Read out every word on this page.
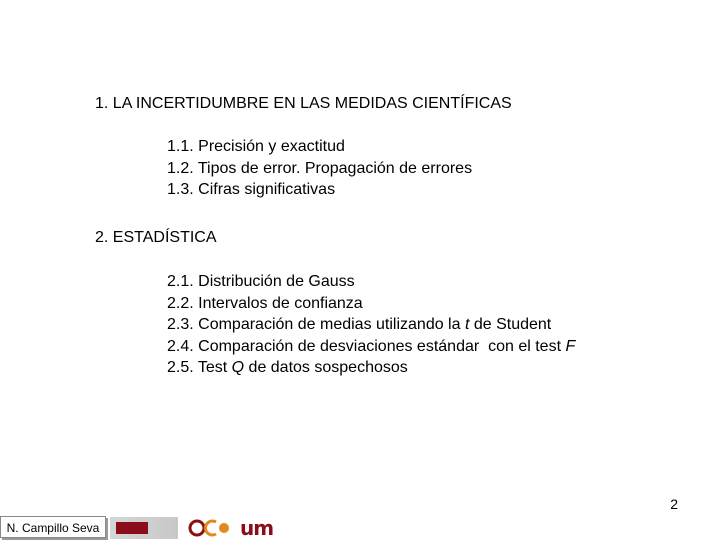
1. LA INCERTIDUMBRE EN LAS MEDIDAS CIENTÍFICAS
1.1. Precisión y exactitud
1.2. Tipos de error. Propagación de errores
1.3. Cifras significativas
2. ESTADÍSTICA
2.1. Distribución de Gauss
2.2. Intervalos de confianza
2.3. Comparación de medias utilizando la t de Student
2.4. Comparación de desviaciones estándar  con el test F
2.5. Test Q de datos sospechosos
2
N. Campillo Seva	um
